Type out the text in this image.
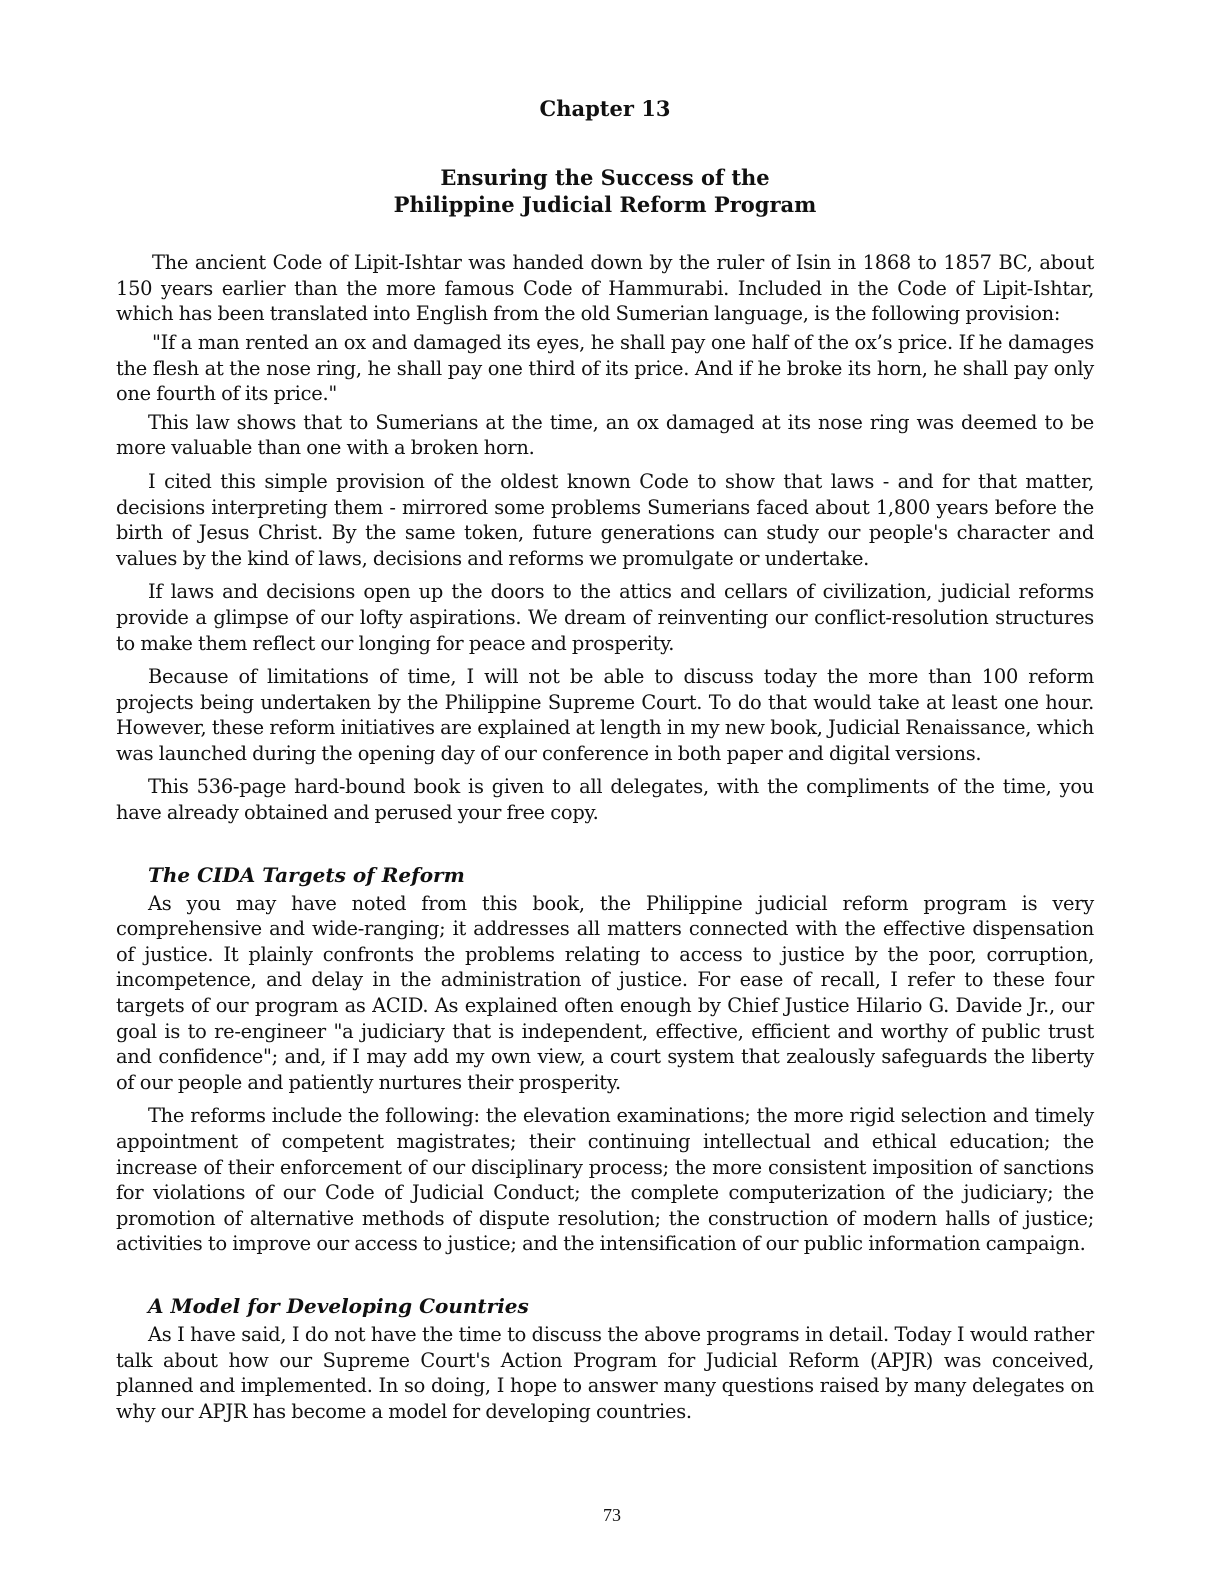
Chapter 13
Ensuring the Success of the
Philippine Judicial Reform Program

The ancient Code of Lipit-Ishtar was handed down by the ruler of Isin in 1868 to 1857 BC, about 150 years earlier than the more famous Code of Hammurabi. Included in the Code of Lipit-Ishtar, which has been translated into English from the old Sumerian language, is the following provision:

"If a man rented an ox and damaged its eyes, he shall pay one half of the ox’s price. If he damages the flesh at the nose ring, he shall pay one third of its price. And if he broke its horn, he shall pay only one fourth of its price."

This law shows that to Sumerians at the time, an ox damaged at its nose ring was deemed to be more valuable than one with a broken horn.

I cited this simple provision of the oldest known Code to show that laws - and for that matter, decisions interpreting them - mirrored some problems Sumerians faced about 1,800 years before the birth of Jesus Christ. By the same token, future generations can study our people's character and values by the kind of laws, decisions and reforms we promulgate or undertake.

If laws and decisions open up the doors to the attics and cellars of civilization, judicial reforms provide a glimpse of our lofty aspirations. We dream of reinventing our conflict-resolution structures to make them reflect our longing for peace and prosperity.

Because of limitations of time, I will not be able to discuss today the more than 100 reform projects being undertaken by the Philippine Supreme Court. To do that would take at least one hour. However, these reform initiatives are explained at length in my new book, Judicial Renaissance, which was launched during the opening day of our conference in both paper and digital versions.

This 536-page hard-bound book is given to all delegates, with the compliments of the time, you have already obtained and perused your free copy.

The CIDA Targets of Reform

As you may have noted from this book, the Philippine judicial reform program is very comprehensive and wide-ranging; it addresses all matters connected with the effective dispensation of justice. It plainly confronts the problems relating to access to justice by the poor, corruption, incompetence, and delay in the administration of justice. For ease of recall, I refer to these four targets of our program as ACID. As explained often enough by Chief Justice Hilario G. Davide Jr., our goal is to re-engineer "a judiciary that is independent, effective, efficient and worthy of public trust and confidence"; and, if I may add my own view, a court system that zealously safeguards the liberty of our people and patiently nurtures their prosperity.

The reforms include the following: the elevation examinations; the more rigid selection and timely appointment of competent magistrates; their continuing intellectual and ethical education; the increase of their enforcement of our disciplinary process; the more consistent imposition of sanctions for violations of our Code of Judicial Conduct; the complete computerization of the judiciary; the promotion of alternative methods of dispute resolution; the construction of modern halls of justice; activities to improve our access to justice; and the intensification of our public information campaign.

A Model for Developing Countries

As I have said, I do not have the time to discuss the above programs in detail. Today I would rather talk about how our Supreme Court's Action Program for Judicial Reform (APJR) was conceived, planned and implemented. In so doing, I hope to answer many questions raised by many delegates on why our APJR has become a model for developing countries.

73
